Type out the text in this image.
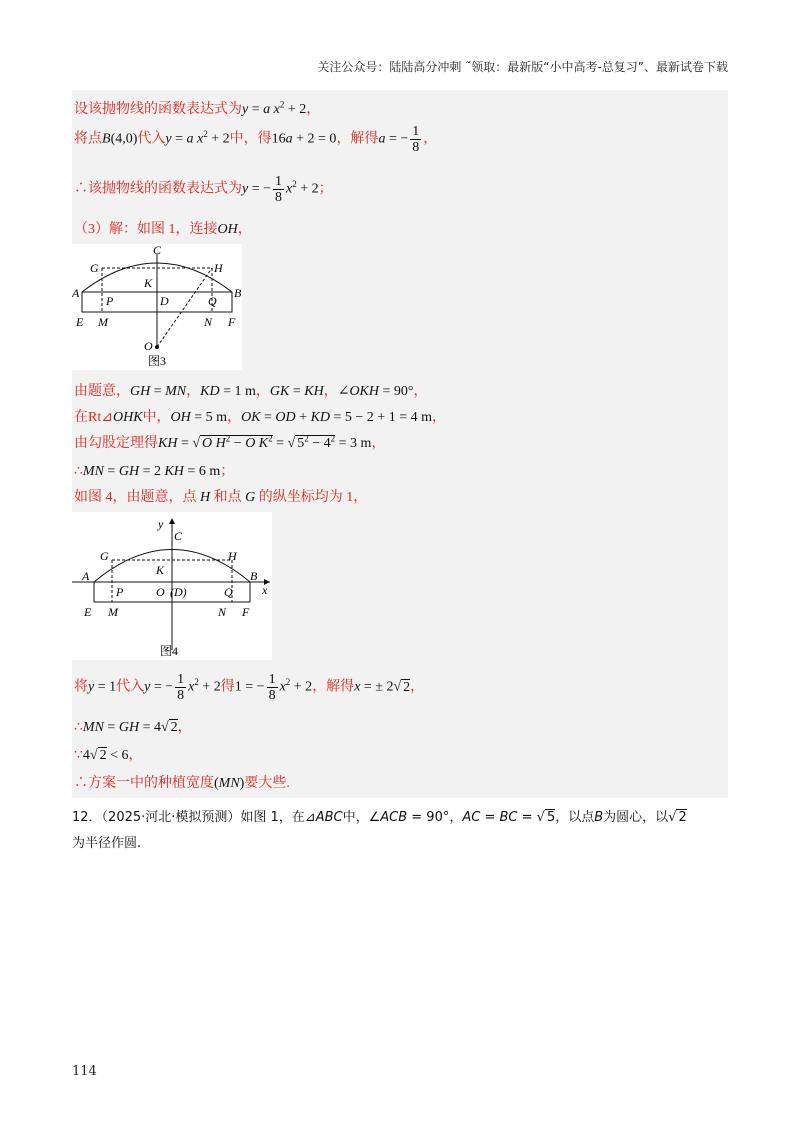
关注公众号：陆陆高分冲刺 ˜领取：最新版“小中高考-总复习”、最新试卷下载
设该抛物线的函数表达式为y = a $x^2 + 2$，
将点B(4,0)代入y = a $x^2 + 2$中，得16a + 2 = 0，解得a = − $\frac{1}{8}$ ，
∴该抛物线的函数表达式为y = − $\frac{1}{8} x^2 + 2$；
（3）解：如图 1，连接OH，
C
G	H
K
A	B
P	D	Q
E M	N F
O
图3
由题意，GH = MN，KD = 1 m，GK = KH，∠OKH = 90°，
在Rt⊿OHK中，OH = 5 m，OK = OD + KD = 5 − 2 + 1 = 4 m，
由勾股定理得KH = √ O $H^2 - O$ $K^2$ = √ $5^2 - 4^2 = 3$ m，
∴MN = GH = 2 KH = 6 m；
如图 4，由题意，点 H 和点 G 的纵坐标均为 1，
y
C
G	H
K
A	B
x
P	O (D)	Q
E M	N F
图4
将y = 1代入y = − $\frac{1}{8} x^2 + 2$得1 = − $\frac{1}{8} x^2 + 2$，解得x = ± 2√ 2，
∴MN = GH = 4√ 2，
∵4√ 2 < 6，
∴方案一中的种植宽度(MN)要大些.
12．（2025·河北·模拟预测）如图 1，在⊿ABC中，∠ACB = 90°，AC = BC = √ 5，以点B为圆心，以√ 2
为半径作圆.
114
